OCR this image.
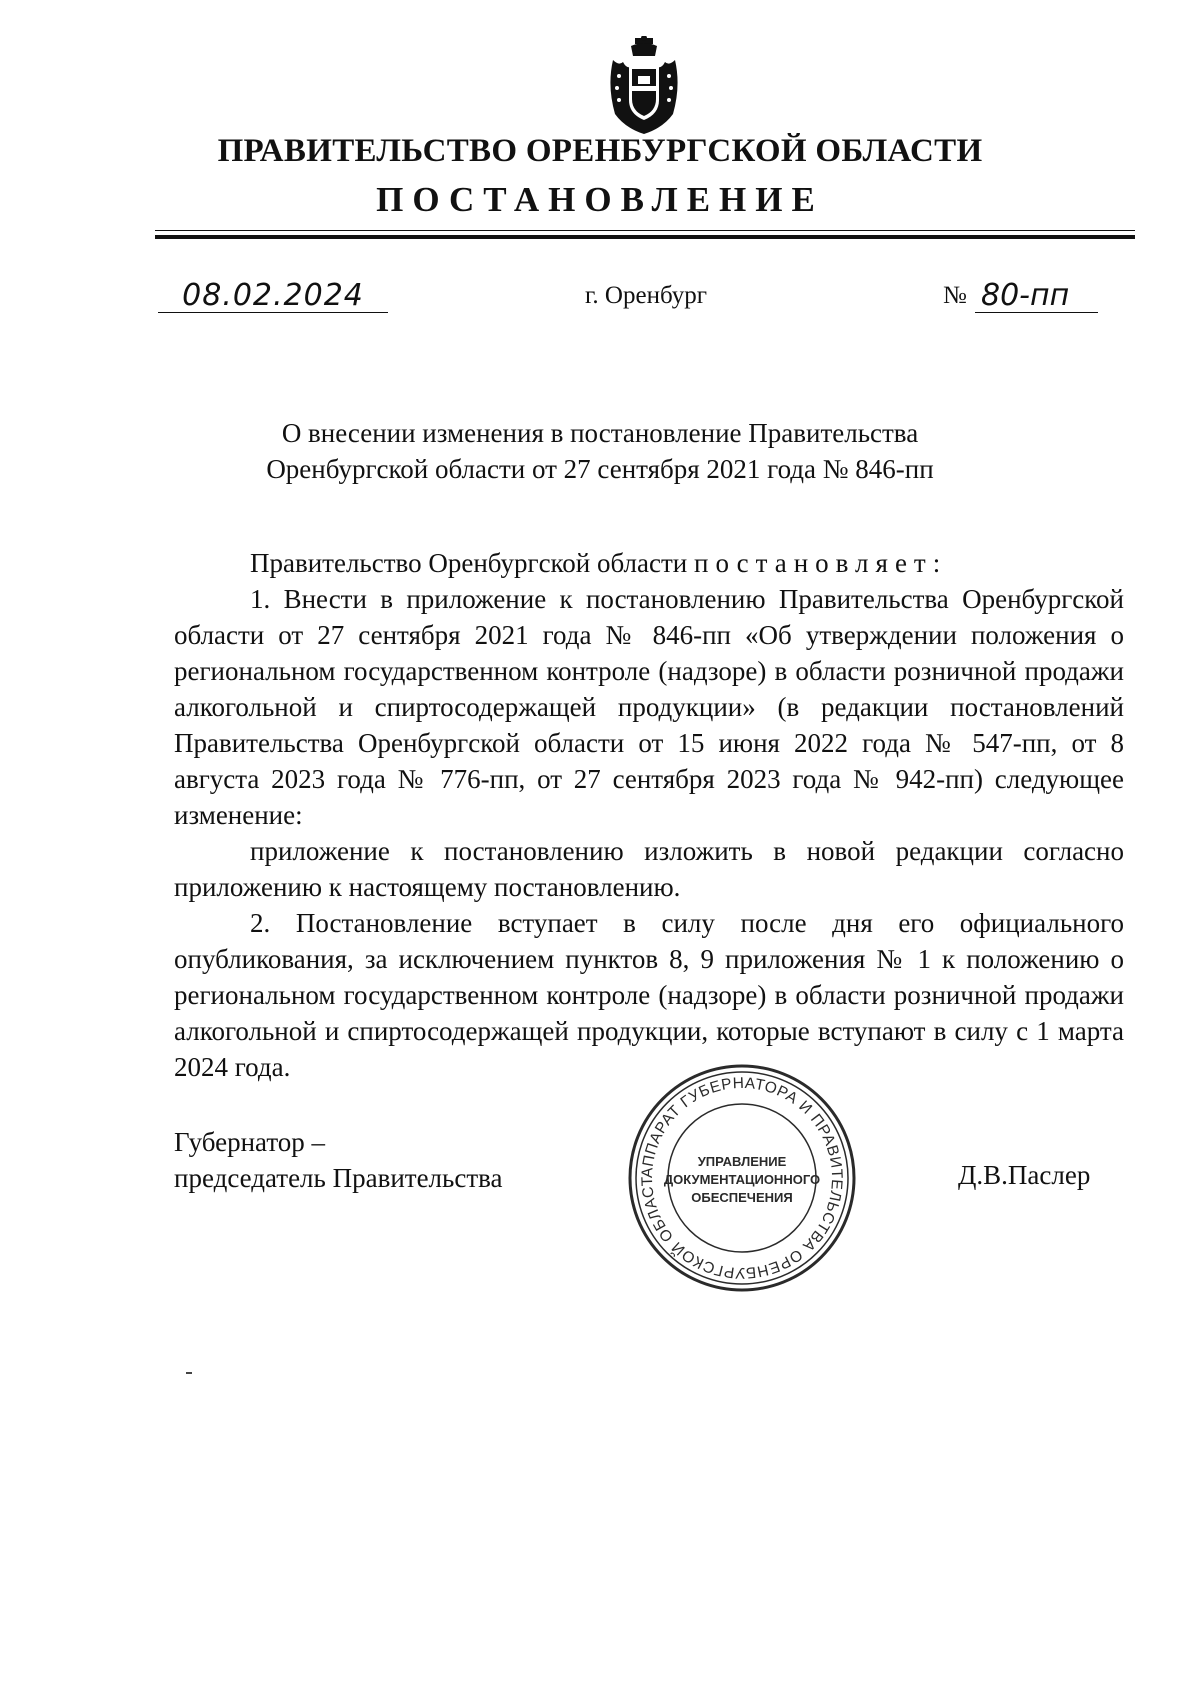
ПРАВИТЕЛЬСТВО ОРЕНБУРГСКОЙ ОБЛАСТИ
ПОСТАНОВЛЕНИЕ
08.02.2024	г. Оренбург	№ 80-пп
О внесении изменения в постановление Правительства
Оренбургской области от 27 сентября 2021 года № 846-пп

Правительство Оренбургской области постановляет:

1. Внести в приложение к постановлению Правительства Оренбургской области от 27 сентября 2021 года № 846-пп «Об утверждении положения о региональном государственном контроле (надзоре) в области розничной продажи алкогольной и спиртосодержащей продукции» (в редакции постановлений Правительства Оренбургской области от 15 июня 2022 года № 547-пп, от 8 августа 2023 года № 776-пп, от 27 сентября 2023 года № 942-пп) следующее изменение:

приложение к постановлению изложить в новой редакции согласно приложению к настоящему постановлению.

2. Постановление вступает в силу после дня его официального опубликования, за исключением пунктов 8, 9 приложения № 1 к положению о региональном государственном контроле (надзоре) в области розничной продажи алкогольной и спиртосодержащей продукции, которые вступают в силу с 1 марта 2024 года.

Губернатор –
председатель Правительства	Д.В.Паслер
АППАРАТ ГУБЕРНАТОРА И ПРАВИТЕЛЬСТВА ОРЕНБУРГСКОЙ ОБЛАСТ
УПРАВЛЕНИЕ
ДОКУМЕНТАЦИОННОГО
ОБЕСПЕЧЕНИЯ
